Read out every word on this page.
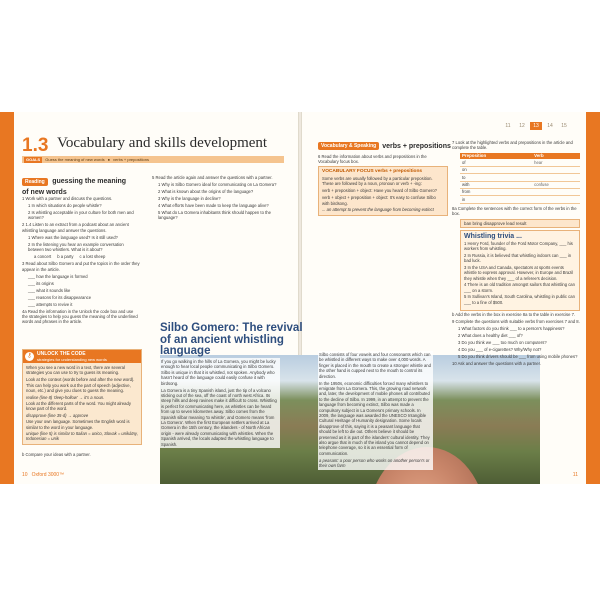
1.3 Vocabulary and skills development
GOALS	Guess the meaning of new words ● verbs + prepositions
Reading guessing the meaning of new words

1 Work with a partner and discuss the questions.

1 In which situations do people whistle?
2 Is whistling acceptable in your culture for both men and women?

2 1.4 Listen to an extract from a podcast about an ancient whistling language and answer the questions.

1 Where was the language used? Is it still used?
2 In the listening you hear an example conversation between two whistlers. What is it about?
a concert b a party c a lost sheep

3 Read about Silbo Gomero and put the topics in the order they appear in the article.

___ how the language is formed
___ its origins
___ what it sounds like
___ reasons for its disappearance
___ attempts to revive it

4a Read the information in the Unlock the code box and use the strategies to help you guess the meaning of the underlined words and phrases in the article.

⚷	UNLOCK THE CODE
strategies for understanding new words

When you see a new word in a text, there are several strategies you can use to try to guess its meaning.

Look at the context (words before and after the new word). This can help you work out the part of speech (adjective, noun, etc.) and give you clues to guess the meaning.

realise (line 8) 'deep-hollow' → it's a noun.

Look at the different parts of the word. You might already know part of the word.

disapprove (line 35-d) → approve

Use your own language. Sometimes the English word is similar to the word in your language.

unique (line 5) is similar to Italian = unico, Slovak = unikátny, Indonesian = unik

b Compare your ideas with a partner.

5 Read the article again and answer the questions with a partner.

1 Why is Silbo Gomero ideal for communicating on La Gomera?
2 What is known about the origins of the language?
3 Why is the language in decline?
4 What efforts have been made to keep the language alive?
5 What do La Gomera inhabitants think should happen to the language?
10 Oxford 3000™
11	12	13	14	15
11
Silbo Gomero: The revival of an ancient whistling language

If you go walking in the hills of La Gomera, you might be lucky enough to hear local people communicating in Silbo Gomero. Silbo is unique in that it is whistled, not spoken. Anybody who hasn't heard of the language could easily confuse it with birdsong.

La Gomera is a tiny Spanish island, just the tip of a volcano sticking out of the sea, off the coast of north west Africa. Its steep hills and deep ravines make it difficult to cross. Whistling is perfect for communicating here, as whistles can be heard from up to seven kilometres away. Silbo comes from the Spanish silbar meaning 'to whistle', and Gomero means 'from La Gomera'. When the first European settlers arrived at La Gomera in the 15th century, the islanders - of North African origin - were already communicating with whistles. When the Spanish arrived, the locals adapted the whistling language to Spanish.

Silbo consists of four vowels and four consonants which can be whistled in different ways to make over 4,000 words. A finger is placed in the mouth to create a stronger whistle and the other hand is cupped next to the mouth to control its direction.

In the 1950s, economic difficulties forced many whistlers to emigrate from La Gomera. This, the growing road network and, later, the development of mobile phones all contributed to the decline of Silbo. In 1999, in an attempt to prevent the language from becoming extinct, Silbo was made a compulsory subject in La Gomera's primary schools. In 2009, the language was awarded the UNESCO Intangible Cultural Heritage of Humanity designation. Some locals disapprove of this, saying it is a peasant language that should be left to die out. Others believe it should be preserved as it is part of the islanders' cultural identity. They also argue that in much of the island you cannot depend on telephone coverage, so it is an essential form of communication.

a peasant: a poor person who works on another person's or their own farm

Vocabulary & Speaking verbs + prepositions
6 Read the information about verbs and prepositions in the Vocabulary focus box.
VOCABULARY FOCUS verbs + prepositions

Some verbs are usually followed by a particular preposition. These are followed by a noun, pronoun or verb + -ing:

verb + preposition + object: Have you heard of Silbo Gomero?

verb + object + preposition + object: It's easy to confuse Silbo with birdsong.

... an attempt to prevent the language from becoming extinct

7 Look at the highlighted verbs and prepositions in the article and complete the table.

Preposition	Verb
of	hear
on	
to	
with	confuse
from	
in	

8a Complete the sentences with the correct form of the verbs in the box.

ban bring disapprove lead result
Whistling trivia ...

1 Henry Ford, founder of the Ford Motor Company, ___ his workers from whistling.

2 In Russia, it is believed that whistling indoors can ___ in bad luck.

3 In the USA and Canada, spectators at sports events whistle to express approval. However, in Europe and Brazil they whistle when they ___ of a referee's decision.

4 There is an old tradition amongst sailors that whistling can ___ on a storm.

5 In Sullivan's Island, South Carolina, whistling in public can ___ to a fine of $500.

b Add the verbs in the box in exercise 8a to the table in exercise 7.

9 Complete the questions with suitable verbs from exercises 7 and 8.

1 What factors do you think ___ to a person's happiness?
2 What does a healthy diet ___ of?
3 Do you think we ___ too much on computers?
4 Do you ___ of e-cigarettes? Why/Why not?
5 Do you think drivers should be ___ from using mobile phones?

10 Ask and answer the questions with a partner.
